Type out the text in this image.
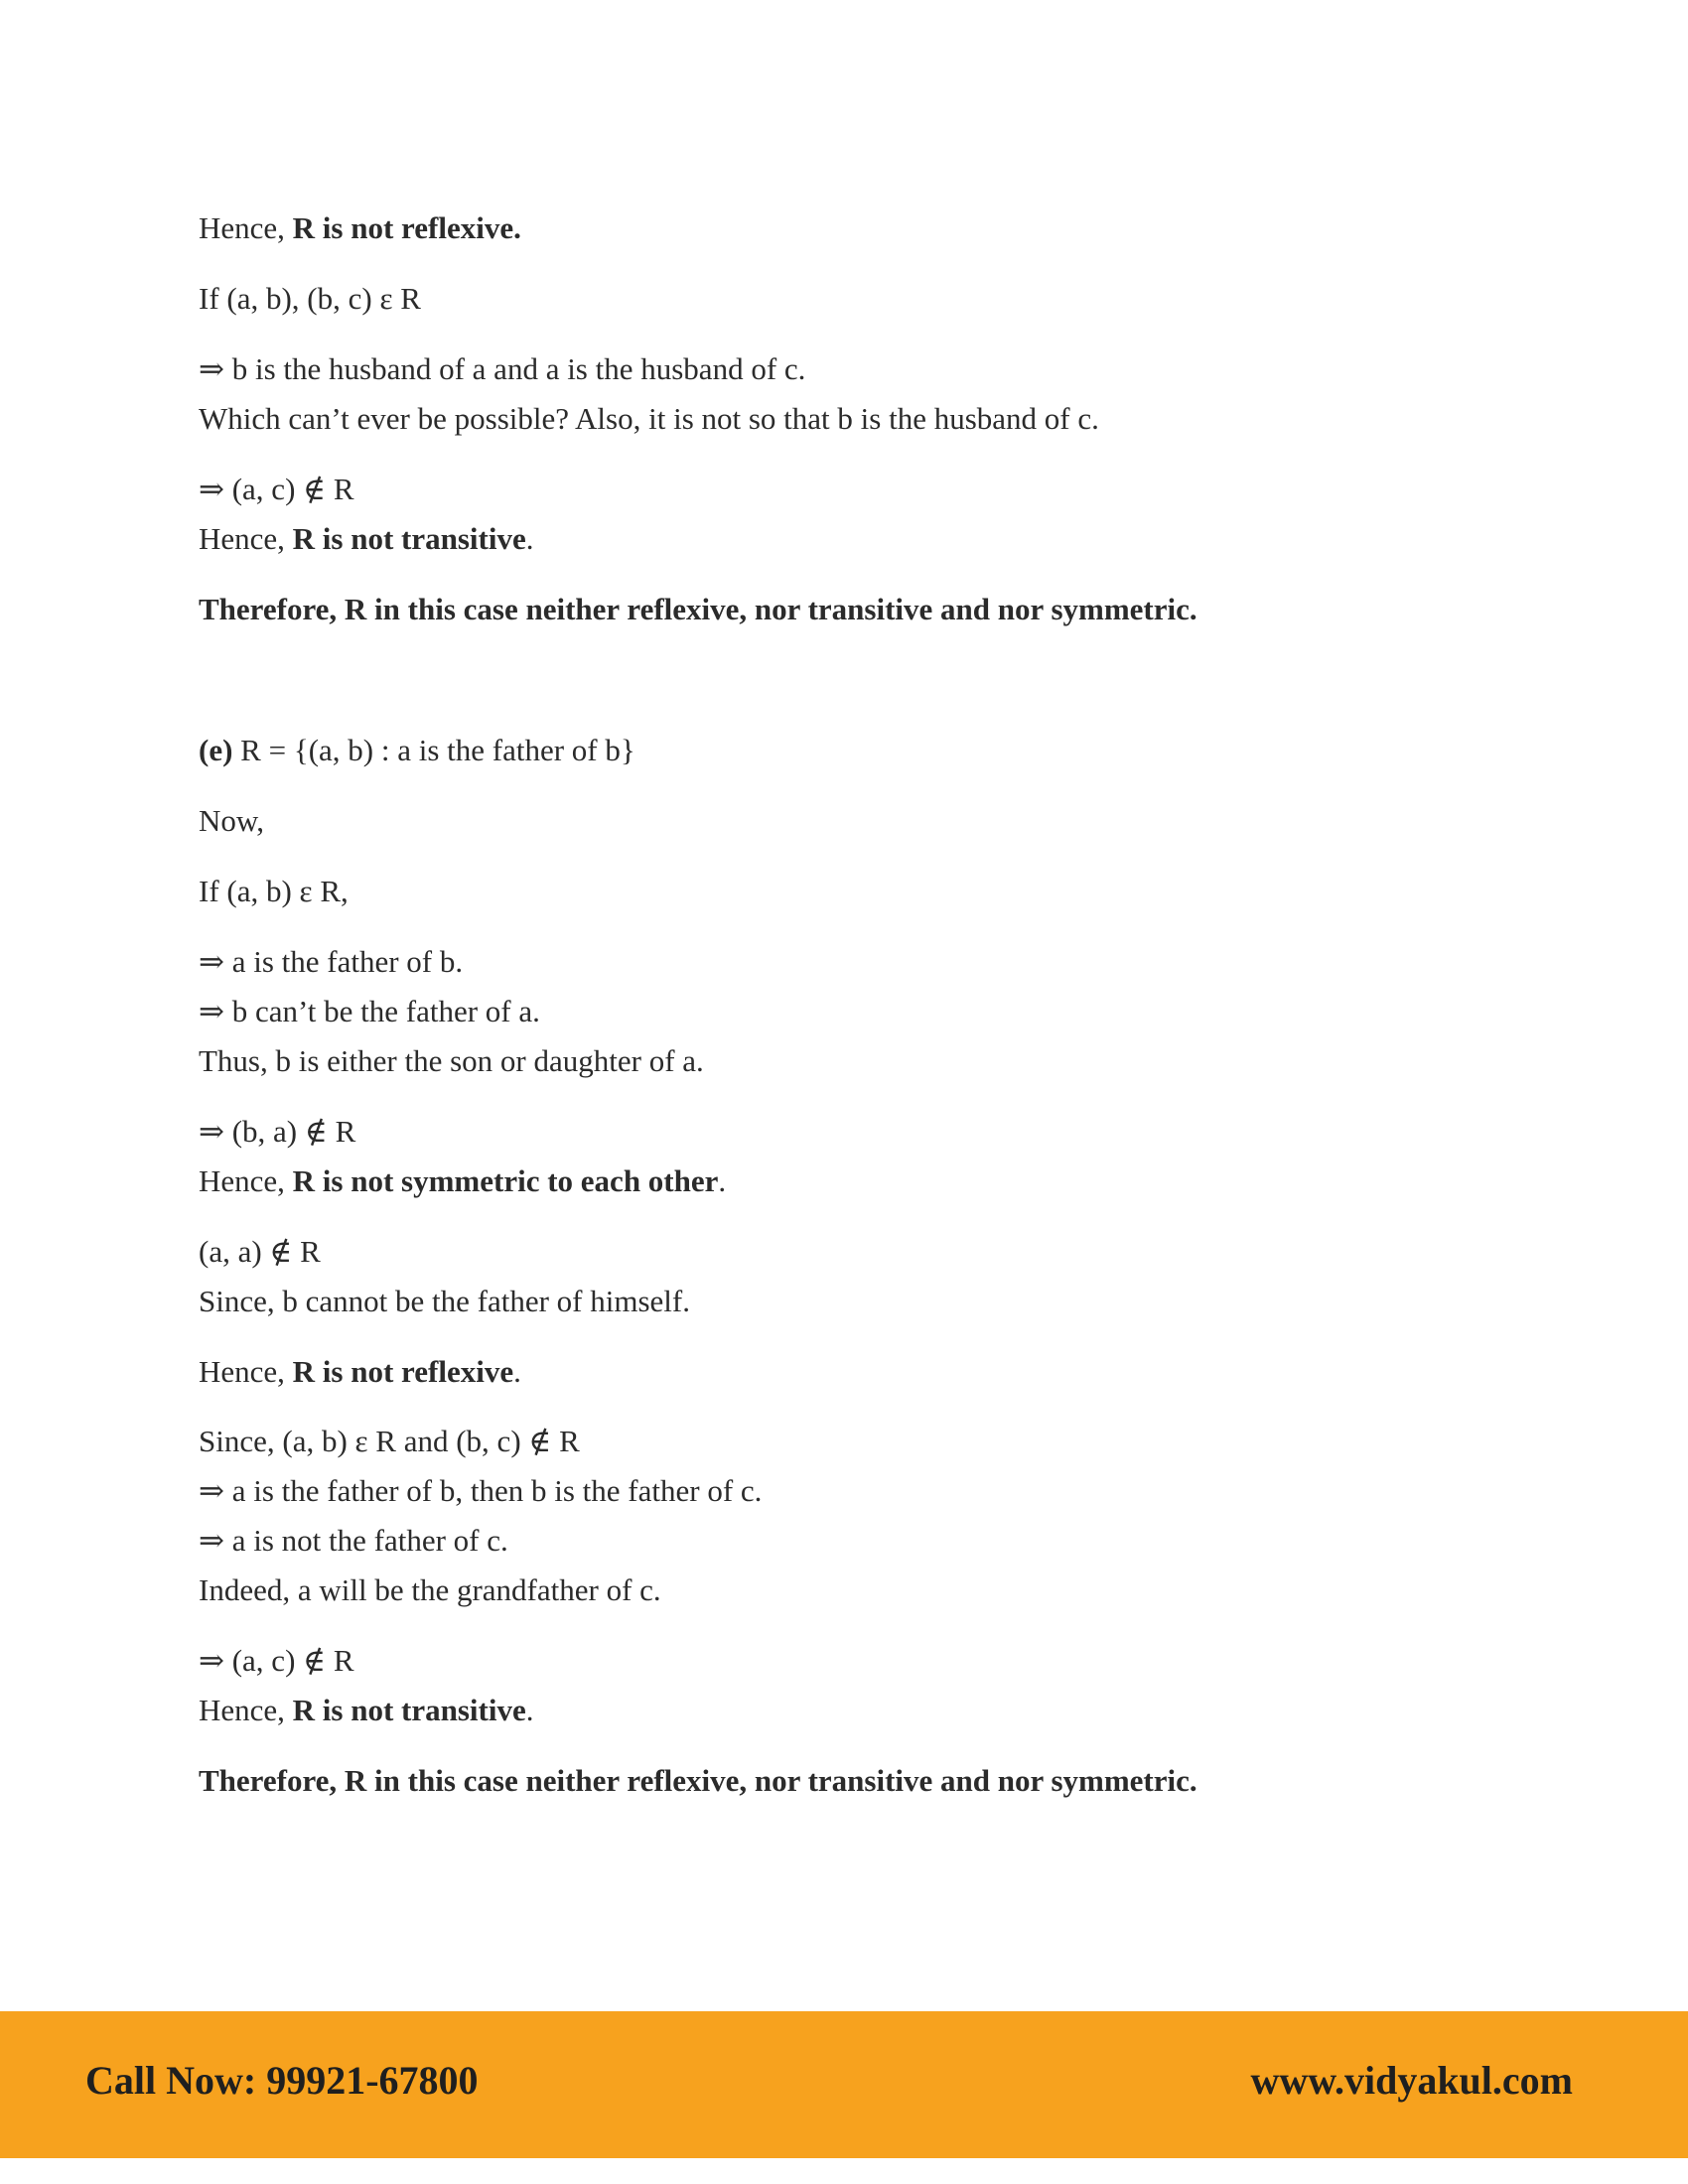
Hence, R is not reflexive.

If (a, b), (b, c) ε R

⇒ b is the husband of a and a is the husband of c.

Which can’t ever be possible? Also, it is not so that b is the husband of c.

⇒ (a, c) ∉ R

Hence, R is not transitive.

Therefore, R in this case neither reflexive, nor transitive and nor symmetric.

(e) R = {(a, b) : a is the father of b}

Now,

If (a, b) ε R,

⇒ a is the father of b.

⇒ b can’t be the father of a.

Thus, b is either the son or daughter of a.

⇒ (b, a) ∉ R

Hence, R is not symmetric to each other.

(a, a) ∉ R

Since, b cannot be the father of himself.

Hence, R is not reflexive.

Since, (a, b) ε R and (b, c) ∉ R

⇒ a is the father of b, then b is the father of c.

⇒ a is not the father of c.

Indeed, a will be the grandfather of c.

⇒ (a, c) ∉ R

Hence, R is not transitive.

Therefore, R in this case neither reflexive, nor transitive and nor symmetric.

Call Now: 99921-67800	www.vidyakul.com
